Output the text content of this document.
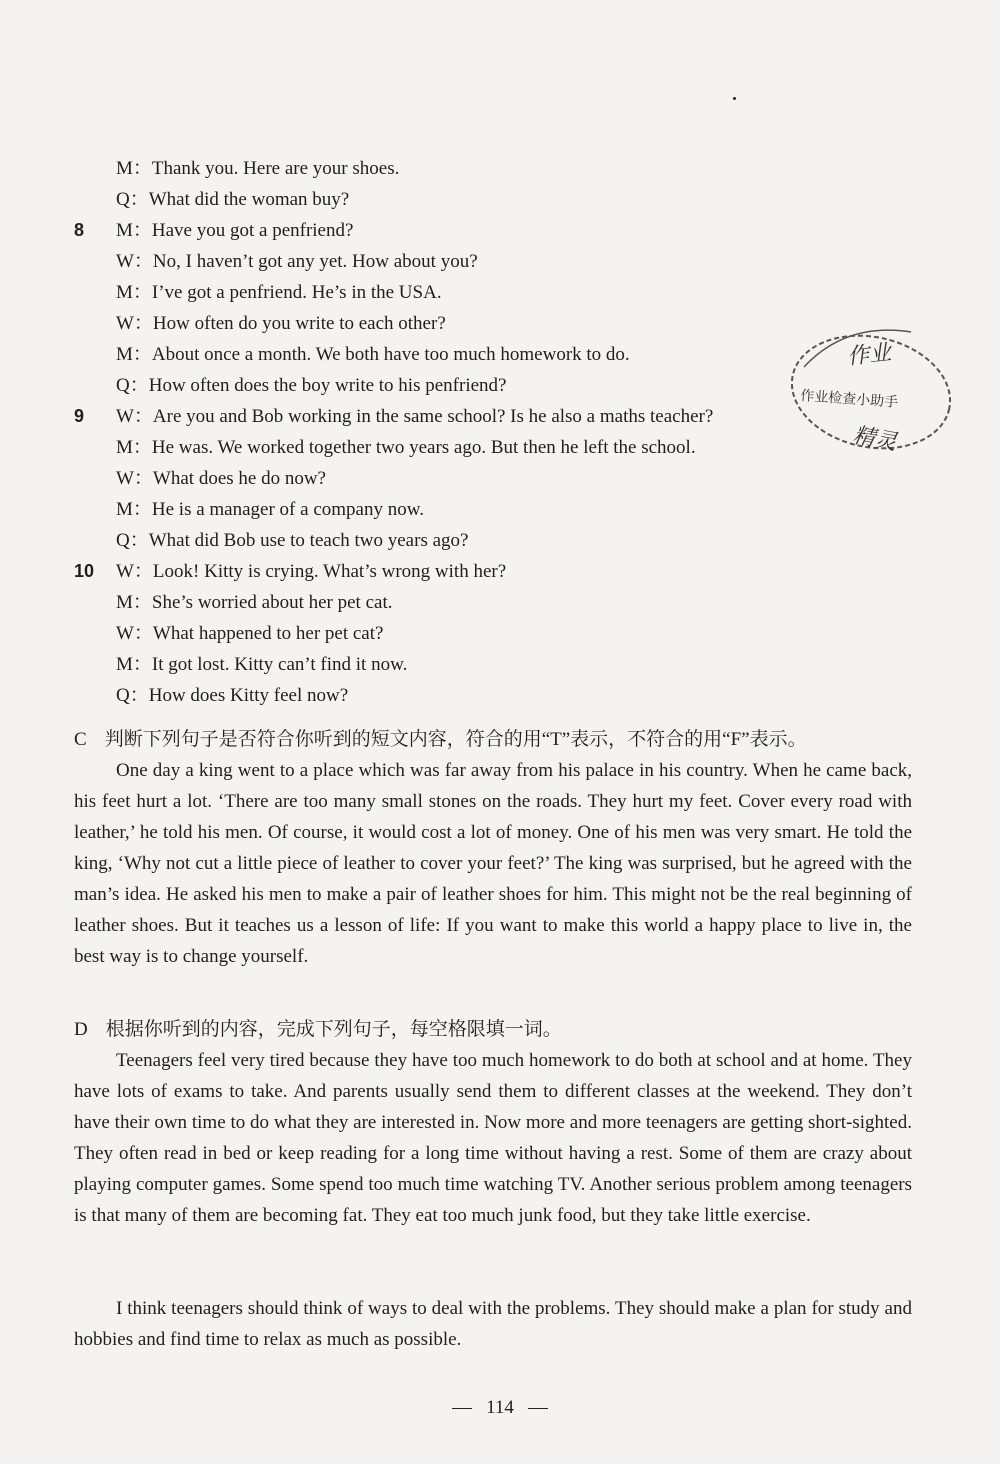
M：Thank you. Here are your shoes.
Q：What did the woman buy?
8 M：Have you got a penfriend?
W：No, I haven’t got any yet. How about you?
M：I’ve got a penfriend. He’s in the USA.
W：How often do you write to each other?
M：About once a month. We both have too much homework to do.
Q：How often does the boy write to his penfriend?
9 W：Are you and Bob working in the same school? Is he also a maths teacher?
M：He was. We worked together two years ago. But then he left the school.
W：What does he do now?
M：He is a manager of a company now.
Q：What did Bob use to teach two years ago?
10 W：Look! Kitty is crying. What’s wrong with her?
M：She’s worried about her pet cat.
W：What happened to her pet cat?
M：It got lost. Kitty can’t find it now.
Q：How does Kitty feel now?
C 判断下列句子是否符合你听到的短文内容，符合的用“T”表示，不符合的用“F”表示。
One day a king went to a place which was far away from his palace in his country. When he came back, his feet hurt a lot. ‘There are too many small stones on the roads. They hurt my feet. Cover every road with leather,’ he told his men. Of course, it would cost a lot of money. One of his men was very smart. He told the king, ‘Why not cut a little piece of leather to cover your feet?’ The king was surprised, but he agreed with the man’s idea. He asked his men to make a pair of leather shoes for him. This might not be the real beginning of leather shoes. But it teaches us a lesson of life: If you want to make this world a happy place to live in, the best way is to change yourself.
D 根据你听到的内容，完成下列句子，每空格限填一词。
Teenagers feel very tired because they have too much homework to do both at school and at home. They have lots of exams to take. And parents usually send them to different classes at the weekend. They don’t have their own time to do what they are interested in. Now more and more teenagers are getting short-sighted. They often read in bed or keep reading for a long time without having a rest. Some of them are crazy about playing computer games. Some spend too much time watching TV. Another serious problem among teenagers is that many of them are becoming fat. They eat too much junk food, but they take little exercise.
I think teenagers should think of ways to deal with the problems. They should make a plan for study and hobbies and find time to relax as much as possible.
作业
作业检查小助手
精灵
114
